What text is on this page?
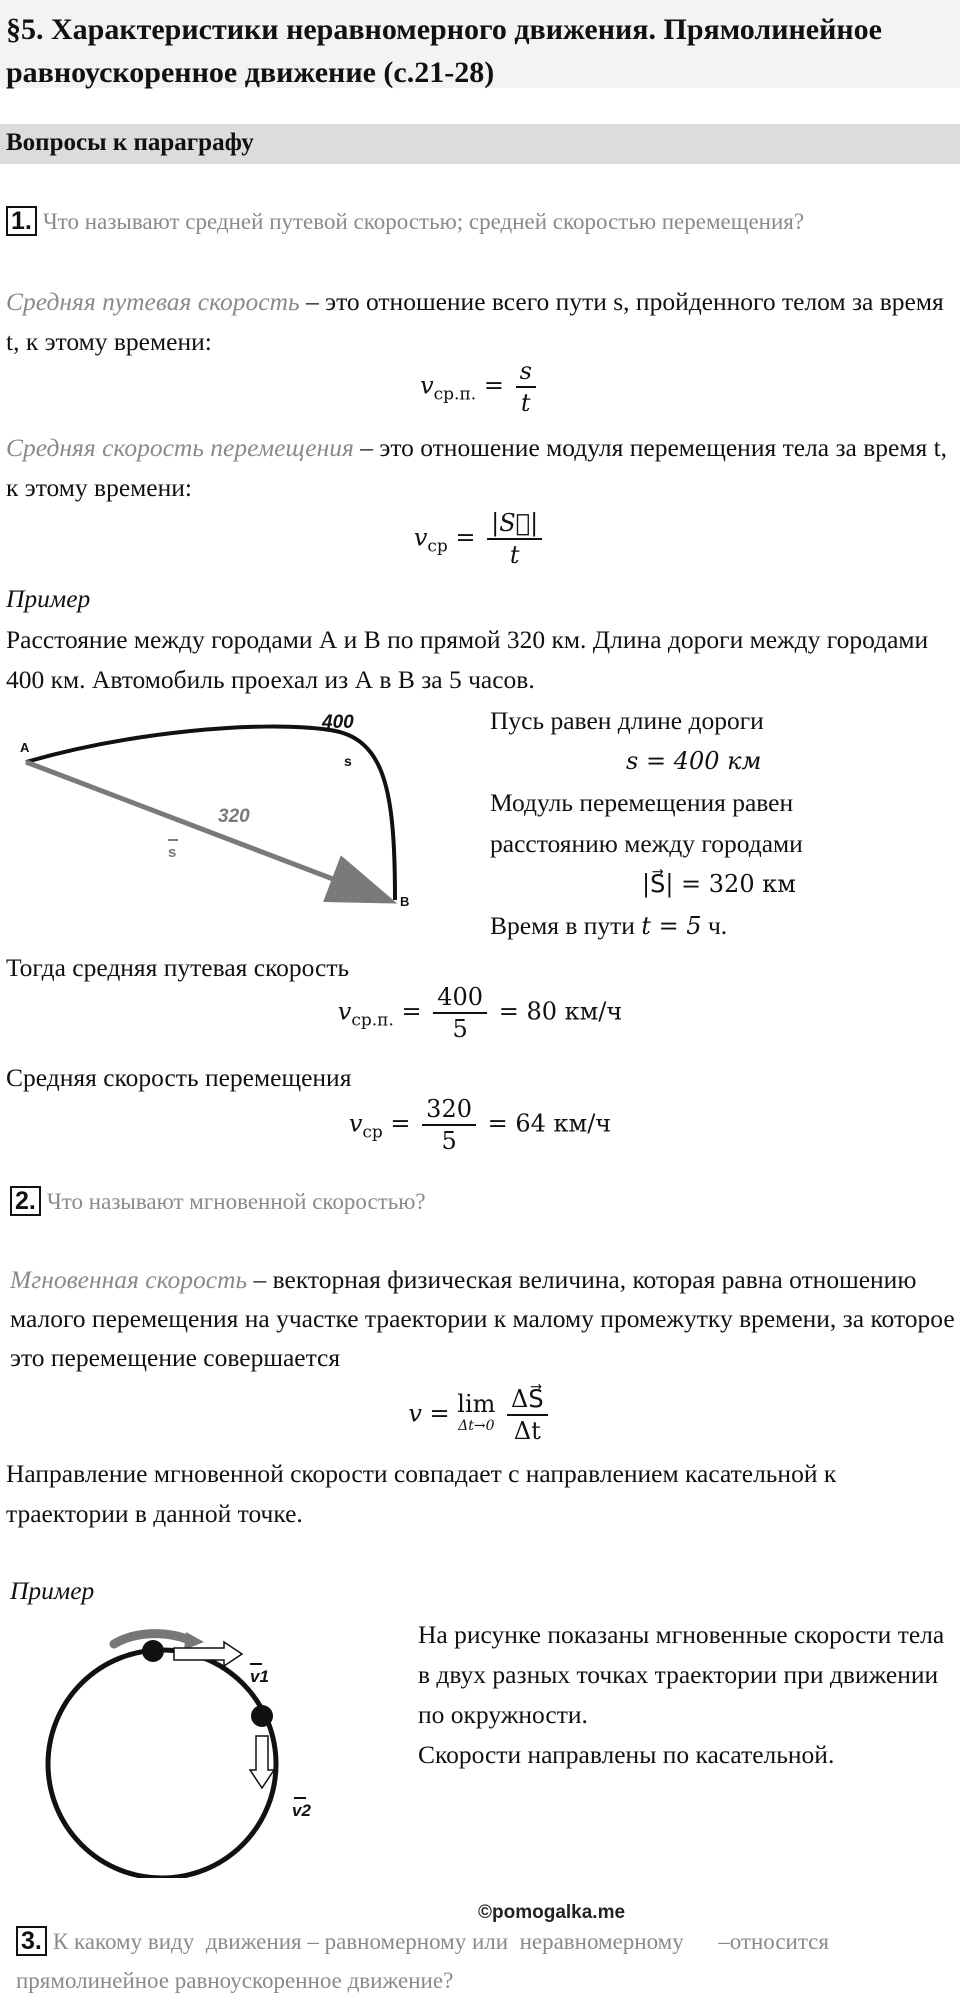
§5. Характеристики неравномерного движения. Прямолинейное равноускоренное движение (с.21-28)
Вопросы к параграфу
1. Что называют средней путевой скоростью; средней скоростью перемещения?
Средняя путевая скорость – это отношение всего пути s, пройденного телом за время t, к этому времени:
$v_{ср.п.} = \frac{s}{t}$
Средняя скорость перемещения – это отношение модуля перемещения тела за время t, к этому времени:
$v_{ср} = \frac{|S⃗|}{t}$
Пример
Расстояние между городами А и В по прямой 320 км. Длина дороги между городами 400 км. Автомобиль проехал из А в В за 5 часов.
400
s
320
s
A
B
Пусь равен длине дороги
s = 400 км
Модуль перемещения равен
расстоянию между городами
|S⃗| = 320 км
Время в пути t = 5 ч.
Тогда средняя путевая скорость
$v_{ср.п.} = \frac{400}{5} = 80$ км/ч
Средняя скорость перемещения
$v_{ср} = \frac{320}{5} = 64$ км/ч
2. Что называют мгновенной скоростью?
Мгновенная скорость – векторная физическая величина, которая равна отношению малого перемещения на участке траектории к малому промежутку времени, за которое это перемещение совершается
v = lim
Δt→0
$\frac{\Delta S⃗}{\Delta t}$
Направление мгновенной скорости совпадает с направлением касательной к траектории в данной точке.
Пример
v1
v2
На рисунке показаны мгновенные скорости тела в двух разных точках траектории при движении по окружности.
Скорости направлены по касательной.
©pomogalka.me
3. К какому виду  движения – равномерному или  неравномерному      –относится прямолинейное равноускоренное движение?
